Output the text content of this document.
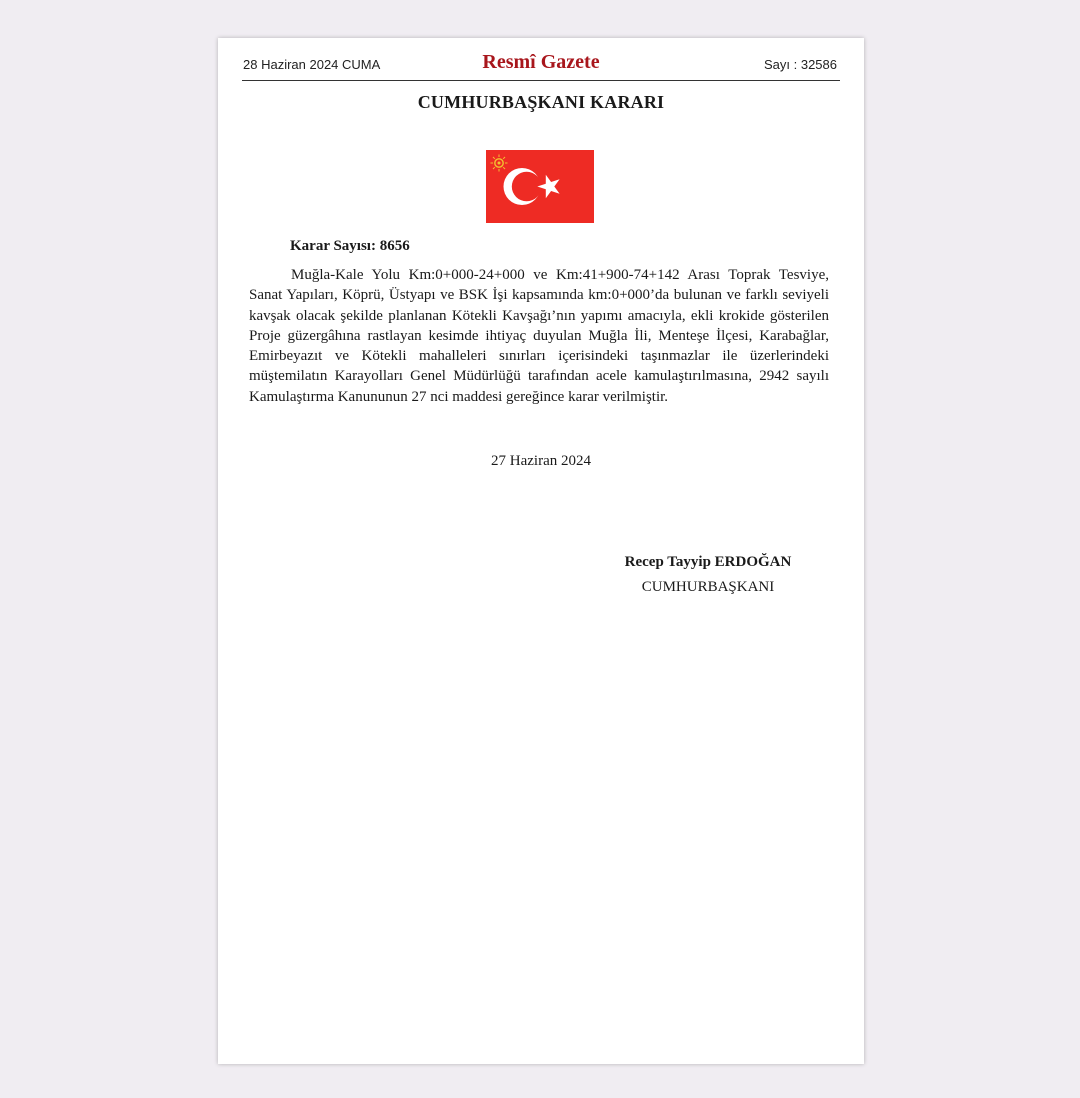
28 Haziran 2024 CUMA	Resmî Gazete	Sayı : 32586
CUMHURBAŞKANI KARARI
Karar Sayısı: 8656

Muğla-Kale Yolu Km:0+000-24+000 ve Km:41+900-74+142 Arası Toprak Tesviye, Sanat Yapıları, Köprü, Üstyapı ve BSK İşi kapsamında km:0+000’da bulunan ve farklı seviyeli kavşak olacak şekilde planlanan Kötekli Kavşağı’nın yapımı amacıyla, ekli krokide gösterilen Proje güzergâhına rastlayan kesimde ihtiyaç duyulan Muğla İli, Menteşe İlçesi, Karabağlar, Emirbeyazıt ve Kötekli mahalleleri sınırları içerisindeki taşınmazlar ile üzerlerindeki müştemilatın Karayolları Genel Müdürlüğü tarafından acele kamulaştırılmasına, 2942 sayılı Kamulaştırma Kanununun 27 nci maddesi gereğince karar verilmiştir.

27 Haziran 2024
Recep Tayyip ERDOĞAN
CUMHURBAŞKANI
